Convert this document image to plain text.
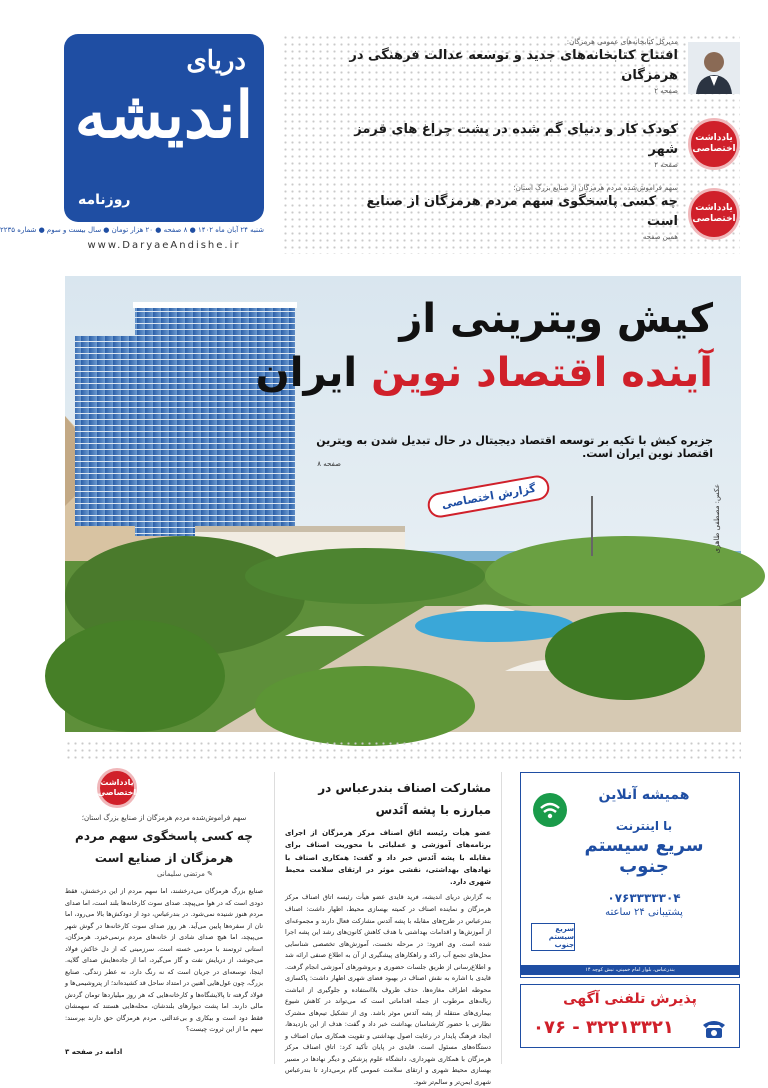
دریای
اندیشه
روزنامه
شنبه ۲۴ آبان ماه ۱۴۰۲ ● ۸ صفحه ● ۲۰ هزار تومان ● سال بیست و سوم ● شماره ۲۲۳۵
www.DaryaeAndishe.ir
مدیرکل کتابخانه‌های عمومی هرمزگان:
افتتاح کتابخانه‌های جدید و توسعه عدالت فرهنگی در هرمزگان
صفحه ۲
یادداشت اختصاصی
کودک کار و دنیای گم شده در پشت چراغ های قرمز شهر
صفحه ۲
یادداشت اختصاصی
سهم فراموش‌شده مردم هرمزگان از صنایع بزرگ استان؛
چه کسی پاسخگوی سهم مردم هرمزگان از صنایع است
همین صفحه
کیش ویترینی از
آینده اقتصاد نوین ایران
جزیره کیش با تکیه بر توسعه اقتصاد دیجیتال در حال تبدیل شدن به ویترین اقتصاد نوین ایران است.
صفحه ۸
گزارش اختصاصی	عکس: مصطفی طاهری
همیشه آنلاین
با اینترنت
سریع سیستم جنوب
۰۷۶۳۳۳۳۳۰۴
پشتیبانی ۲۴ ساعته
سریع سیستم جنوب
بندرعباس، بلوار امام خمینی، نبش کوچه ۱۴
پذیرش تلفنی آگهی
۰۷۶ - ۳۲۲۱۳۳۲۱
مشارکت اصناف بندرعباس در مبارزه با پشه آئدس
عضو هیأت رئیسه اتاق اصناف مرکز هرمزگان از اجرای برنامه‌های آموزشی و عملیاتی با محوریت اصناف برای مقابله با پشه آئدس خبر داد و گفت: همکاری اصناف با نهادهای بهداشتی، نقشی موثر در ارتقای سلامت محیط شهری دارد.
به گزارش دریای اندیشه، فرید قایدی عضو هیأت رئیسه اتاق اصناف مرکز هرمزگان و نماینده اصناف در کمیته بهسازی محیط، اظهار داشت: اصناف بندرعباس در طرح‌های مقابله با پشه آئدس مشارکت فعال دارند و مجموعه‌ای از آموزش‌ها و اقدامات بهداشتی با هدف کاهش کانون‌های رشد این پشه اجرا شده است. وی افزود: در مرحله نخست، آموزش‌های تخصصی شناسایی محل‌های تجمع آب راکد و راهکارهای پیشگیری از آن به اطلاع صنفی ارائه شد و اطلاع‌رسانی از طریق جلسات حضوری و بروشورهای آموزشی انجام گرفت. قایدی با اشاره به نقش اصناف در بهبود فضای شهری اظهار داشت: پاکسازی محوطه اطراف مغازه‌ها، حذف ظروف بلااستفاده و جلوگیری از انباشت زباله‌های مرطوب از جمله اقداماتی است که می‌تواند در کاهش شیوع بیماری‌های منتقله از پشه آئدس موثر باشد. وی از تشکیل تیم‌های مشترک نظارتی با حضور کارشناسان بهداشت خبر داد و گفت: هدف از این بازدیدها، ایجاد فرهنگ پایدار در رعایت اصول بهداشتی و تقویت همکاری میان اصناف و دستگاه‌های مسئول است. قایدی در پایان تأکید کرد: اتاق اصناف مرکز هرمزگان با همکاری شهرداری، دانشگاه علوم پزشکی و دیگر نهادها در مسیر بهسازی محیط شهری و ارتقای سلامت عمومی گام برمی‌دارد تا بندرعباس شهری ایمن‌تر و سالم‌تر شود.
یادداشت اختصاصی
سهم فراموش‌شده مردم هرمزگان از صنایع بزرگ استان؛
چه کسی پاسخگوی سهم مردم هرمزگان از صنایع است
✎ مرتضی سلیمانی
صنایع بزرگ هرمزگان می‌درخشند، اما سهم مردم از این درخشش، فقط دودی است که در هوا می‌پیچد. صدای سوت کارخانه‌ها بلند است، اما صدای مردم هنوز شنیده نمی‌شود. در بندرعباس، دود از دودکش‌ها بالا می‌رود، اما نان از سفره‌ها پایین می‌آید. هر روز صدای سوت کارخانه‌ها در گوش شهر می‌پیچد، اما هیچ صدای شادی از خانه‌های مردم برنمی‌خیزد. هرمزگان، استانی ثروتمند با مردمی خسته است. سرزمینی که از دل خاکش فولاد می‌جوشد، از دریایش نفت و گاز می‌گیرد، اما از جاده‌هایش صدای گلایه. اینجا، توسعه‌ای در جریان است که نه رنگ دارد، نه عطر زندگی. صنایع بزرگ، چون غول‌هایی آهنین در امتداد ساحل قد کشیده‌اند؛ از پتروشیمی‌ها و فولاد گرفته تا پالایشگاه‌ها و کارخانه‌هایی که هر روز میلیاردها تومان گردش مالی دارند. اما پشت دیوارهای بلندشان، محله‌هایی هستند که سهمشان فقط دود است و بیکاری و بی‌عدالتی. مردم هرمزگان حق دارند بپرسند: سهم ما از این ثروت چیست؟
ادامه در صفحه ۳
